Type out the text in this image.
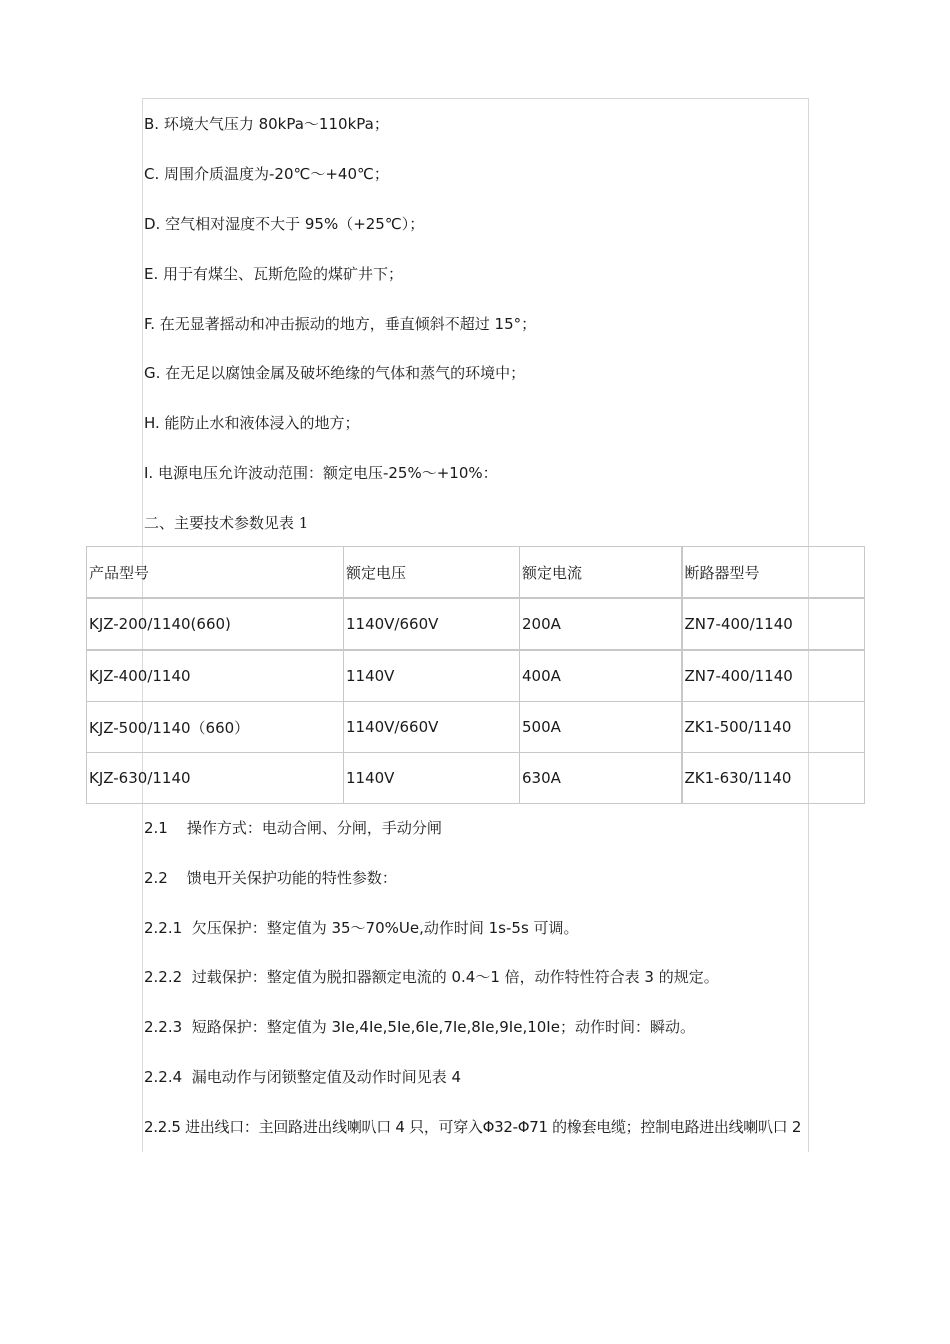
B. 环境大气压力 80kPa～110kPa；
C. 周围介质温度为-20℃～+40℃；
D. 空气相对湿度不大于 95%（+25℃）；
E. 用于有煤尘、瓦斯危险的煤矿井下；
F. 在无显著摇动和冲击振动的地方，垂直倾斜不超过 15°；
G. 在无足以腐蚀金属及破坏绝缘的气体和蒸气的环境中；
H. 能防止水和液体浸入的地方；
I. 电源电压允许波动范围：额定电压-25%～+10%：
二、主要技术参数见表 1
产品型号	额定电压	额定电流	断路器型号
KJZ-200/1140(660)	1140V/660V	200A	ZN7-400/1140
KJZ-400/1140	1140V	400A	ZN7-400/1140
KJZ-500/1140（660）	1140V/660V	500A	ZK1-500/1140
KJZ-630/1140	1140V	630A	ZK1-630/1140
2.1    操作方式：电动合闸、分闸，手动分闸
2.2    馈电开关保护功能的特性参数：
2.2.1  欠压保护：整定值为 35～70%Ue,动作时间 1s-5s 可调。
2.2.2  过载保护：整定值为脱扣器额定电流的 0.4～1 倍，动作特性符合表 3 的规定。
2.2.3  短路保护：整定值为 3Ie,4Ie,5Ie,6Ie,7Ie,8Ie,9Ie,10Ie；动作时间：瞬动。
2.2.4  漏电动作与闭锁整定值及动作时间见表 4
2.2.5 进出线口：主回路进出线喇叭口 4 只，可穿入Φ32-Φ71 的橡套电缆；控制电路进出线喇叭口 2
